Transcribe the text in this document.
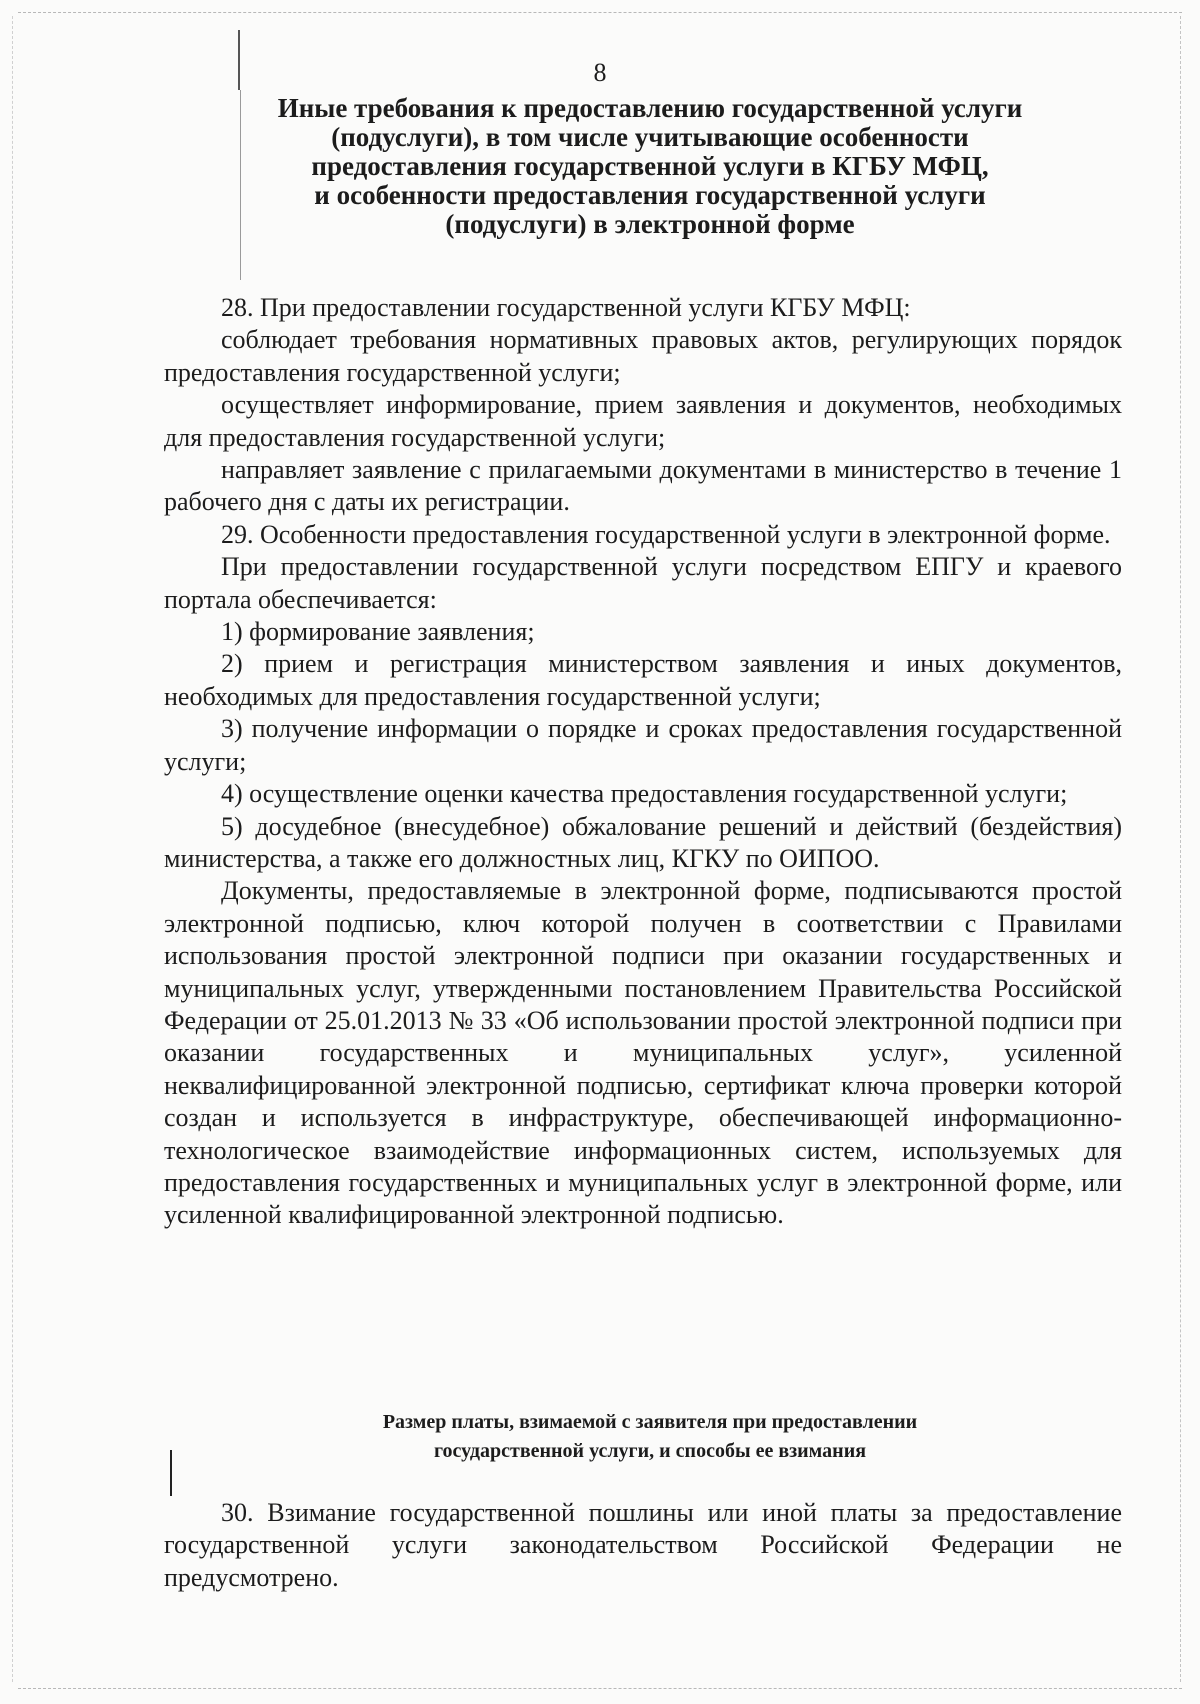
8
Иные требования к предоставлению государственной услуги
(подуслуги), в том числе учитывающие особенности
предоставления государственной услуги в КГБУ МФЦ,
и особенности предоставления государственной услуги
(подуслуги) в электронной форме

28. При предоставлении государственной услуги КГБУ МФЦ:

соблюдает требования нормативных правовых актов, регулирующих порядок предоставления государственной услуги;

осуществляет информирование, прием заявления и документов, необходимых для предоставления государственной услуги;

направляет заявление с прилагаемыми документами в министерство в течение 1 рабочего дня с даты их регистрации.

29. Особенности предоставления государственной услуги в электронной форме.

При предоставлении государственной услуги посредством ЕПГУ и краевого портала обеспечивается:

1) формирование заявления;

2) прием и регистрация министерством заявления и иных документов, необходимых для предоставления государственной услуги;

3) получение информации о порядке и сроках предоставления государственной услуги;

4) осуществление оценки качества предоставления государственной услуги;

5) досудебное (внесудебное) обжалование решений и действий (бездействия) министерства, а также его должностных лиц, КГКУ по ОИПОО.

Документы, предоставляемые в электронной форме, подписываются простой электронной подписью, ключ которой получен в соответствии с Правилами использования простой электронной подписи при оказании государственных и муниципальных услуг, утвержденными постановлением Правительства Российской Федерации от 25.01.2013 № 33 «Об использовании простой электронной подписи при оказании государственных и муниципальных услуг», усиленной неквалифицированной электронной подписью, сертификат ключа проверки которой создан и используется в инфраструктуре, обеспечивающей информационно-технологическое взаимодействие информационных систем, используемых для предоставления государственных и муниципальных услуг в электронной форме, или усиленной квалифицированной электронной подписью.

Размер платы, взимаемой с заявителя при предоставлении
государственной услуги, и способы ее взимания

30. Взимание государственной пошлины или иной платы за предоставление государственной услуги законодательством Российской Федерации не предусмотрено.
